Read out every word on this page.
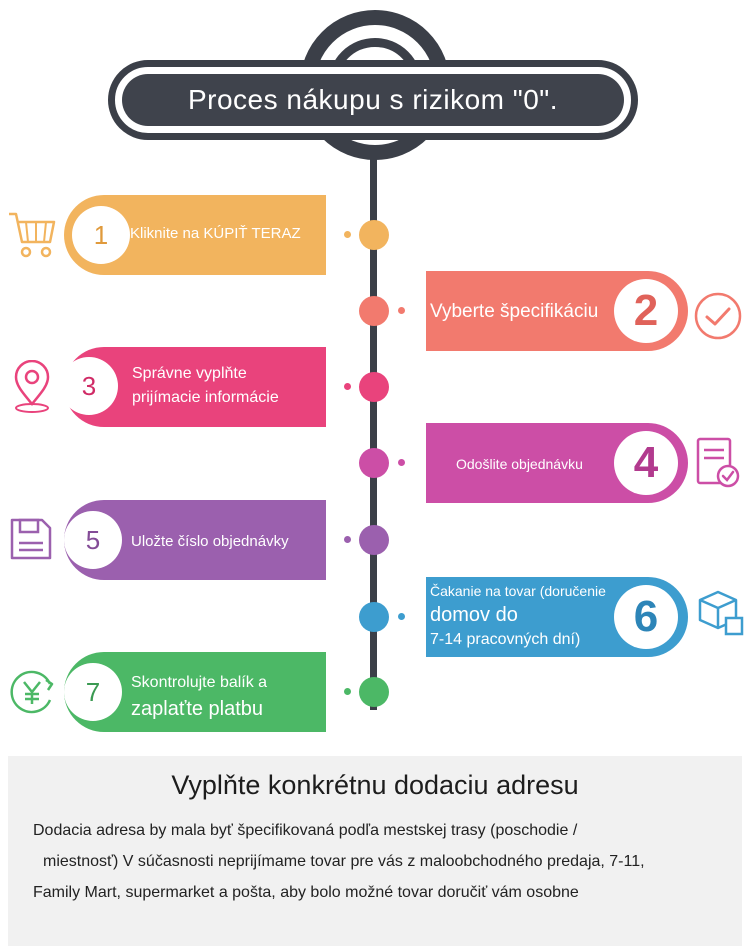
Proces nákupu s rizikom "0".
1	Kliknite na KÚPIŤ TERAZ
2
Vyberte špecifikáciu
3	Správne vyplňte
prijímacie informácie
4
Odošlite objednávku
5	Uložte číslo objednávky
6
Čakanie na tovar (doručenie
domov do
7-14 pracovných dní)
7	Skontrolujte balík a
zaplaťte platbu
Vyplňte konkrétnu dodaciu adresu
Dodacia adresa by mala byť špecifikovaná podľa mestskej trasy (poschodie /
miestnosť) V súčasnosti neprijímame tovar pre vás z maloobchodného predaja, 7-11,
Family Mart, supermarket a pošta, aby bolo možné tovar doručiť vám osobne
